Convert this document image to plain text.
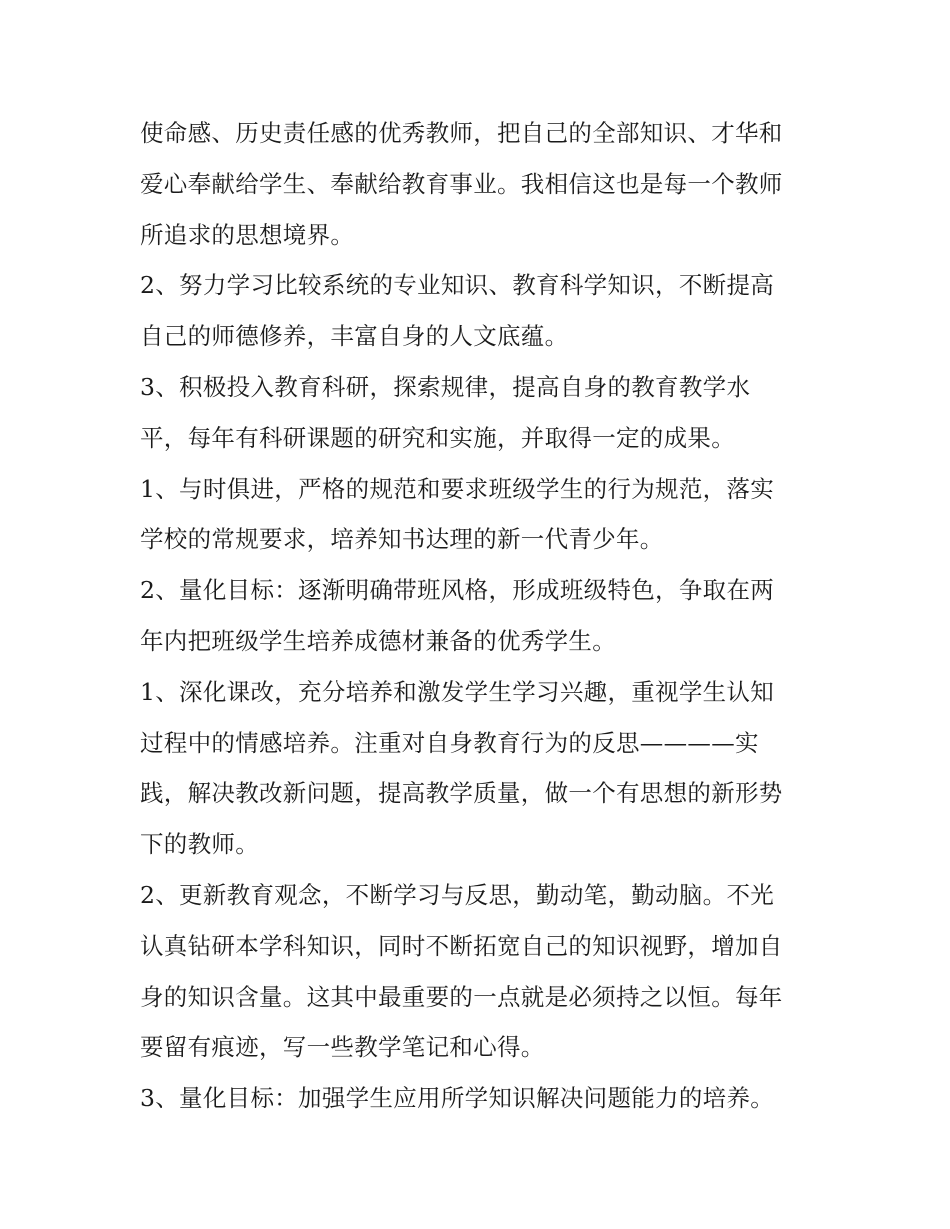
使命感、历史责任感的优秀教师，把自己的全部知识、才华和
爱心奉献给学生、奉献给教育事业。我相信这也是每一个教师
所追求的思想境界。
2、努力学习比较系统的专业知识、教育科学知识，不断提高
自己的师德修养，丰富自身的人文底蕴。
3、积极投入教育科研，探索规律，提高自身的教育教学水
平，每年有科研课题的研究和实施，并取得一定的成果。
1、与时俱进，严格的规范和要求班级学生的行为规范，落实
学校的常规要求，培养知书达理的新一代青少年。
2、量化目标：逐渐明确带班风格，形成班级特色，争取在两
年内把班级学生培养成德材兼备的优秀学生。
1、深化课改，充分培养和激发学生学习兴趣，重视学生认知
过程中的情感培养。注重对自身教育行为的反思————实
践，解决教改新问题，提高教学质量，做一个有思想的新形势
下的教师。
2、更新教育观念，不断学习与反思，勤动笔，勤动脑。不光
认真钻研本学科知识，同时不断拓宽自己的知识视野，增加自
身的知识含量。这其中最重要的一点就是必须持之以恒。每年
要留有痕迹，写一些教学笔记和心得。
3、量化目标：加强学生应用所学知识解决问题能力的培养。
